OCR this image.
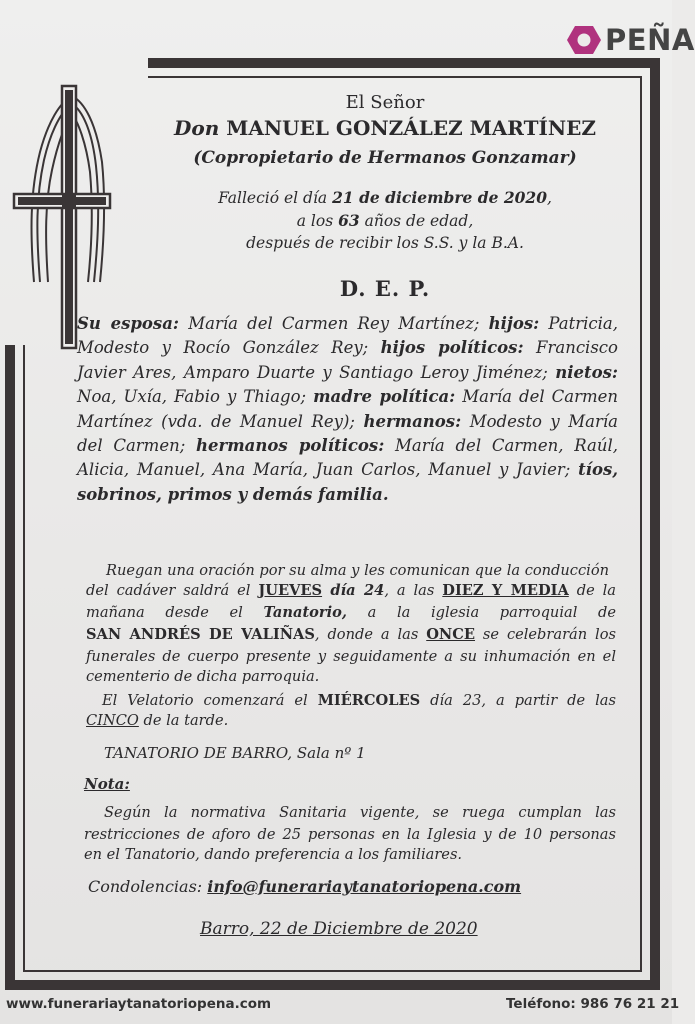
PEÑA
El Señor
Don MANUEL GONZÁLEZ MARTÍNEZ
(Copropietario de Hermanos Gonzamar)
Falleció el día 21 de diciembre de 2020,
a los 63 años de edad,
después de recibir los S.S. y la B.A.
D. E. P.
Su esposa: María del Carmen Rey Martínez; hijos: Patricia, Modesto y Rocío González Rey; hijos políticos: Francisco Javier Ares, Amparo Duarte y Santiago Leroy Jiménez; nietos: Noa, Uxía, Fabio y Thiago; madre política: María del Carmen Martínez (vda. de Manuel Rey); hermanos: Modesto y María del Carmen; hermanos políticos: María del Carmen, Raúl, Alicia, Manuel, Ana María, Juan Carlos, Manuel y Javier; tíos, sobrinos, primos y demás familia.
Ruegan una oración por su alma y les comunican que la conducción
del cadáver saldrá el JUEVES día 24, a las DIEZ Y MEDIA de la
mañana desde el Tanatorio, a la iglesia parroquial de
SAN ANDRÉS DE VALIÑAS, donde a las ONCE se celebrarán los
funerales de cuerpo presente y seguidamente a su inhumación en el
cementerio de dicha parroquia.
El Velatorio comenzará el MIÉRCOLES día 23, a partir de las
CINCO de la tarde.
TANATORIO DE BARRO, Sala nº 1
Nota:
Según la normativa Sanitaria vigente, se ruega cumplan las
restricciones de aforo de 25 personas en la Iglesia y de 10 personas
en el Tanatorio, dando preferencia a los familiares.
Condolencias: info@funerariaytanatoriopena.com
Barro, 22 de Diciembre de 2020
www.funerariaytanatoriopena.com	Teléfono: 986 76 21 21
